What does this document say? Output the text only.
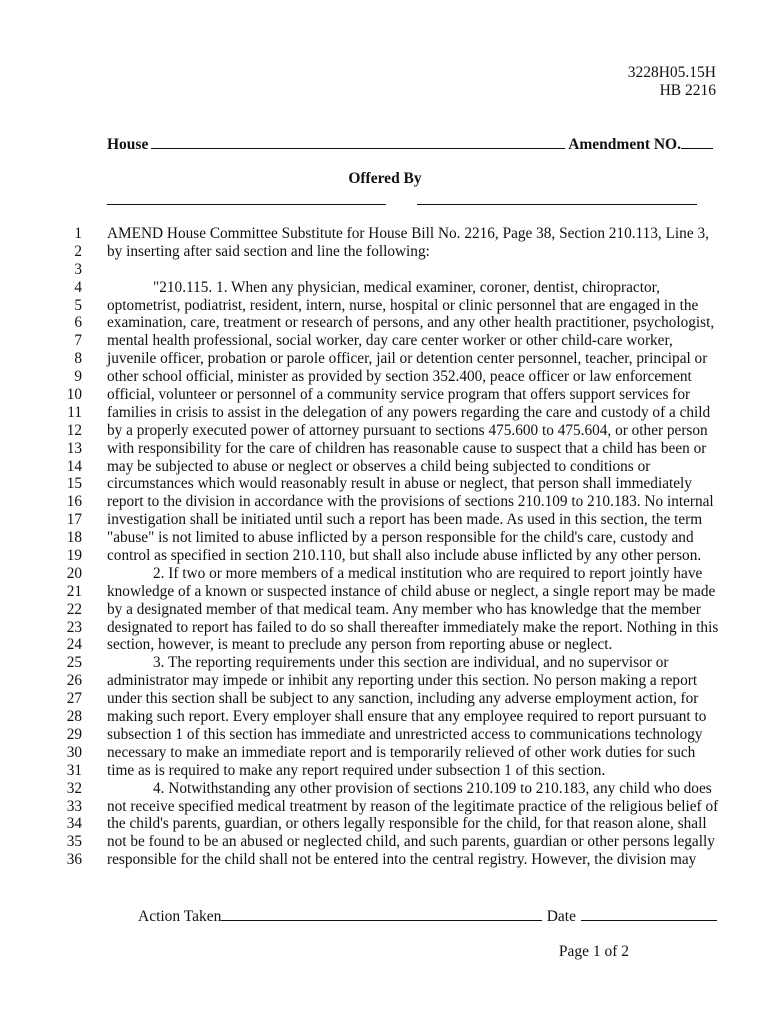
3228H05.15H
HB 2216
House	Amendment NO.
Offered By
1 AMEND House Committee Substitute for House Bill No. 2216, Page 38, Section 210.113, Line 3,
2 by inserting after said section and line the following:
3
4	"210.115. 1. When any physician, medical examiner, coroner, dentist, chiropractor,
5 optometrist, podiatrist, resident, intern, nurse, hospital or clinic personnel that are engaged in the
6 examination, care, treatment or research of persons, and any other health practitioner, psychologist,
7 mental health professional, social worker, day care center worker or other child-care worker,
8 juvenile officer, probation or parole officer, jail or detention center personnel, teacher, principal or
9 other school official, minister as provided by section 352.400, peace officer or law enforcement
10 official, volunteer or personnel of a community service program that offers support services for
11 families in crisis to assist in the delegation of any powers regarding the care and custody of a child
12 by a properly executed power of attorney pursuant to sections 475.600 to 475.604, or other person
13 with responsibility for the care of children has reasonable cause to suspect that a child has been or
14 may be subjected to abuse or neglect or observes a child being subjected to conditions or
15 circumstances which would reasonably result in abuse or neglect, that person shall immediately
16 report to the division in accordance with the provisions of sections 210.109 to 210.183. No internal
17 investigation shall be initiated until such a report has been made. As used in this section, the term
18 "abuse" is not limited to abuse inflicted by a person responsible for the child's care, custody and
19 control as specified in section 210.110, but shall also include abuse inflicted by any other person.
20	2. If two or more members of a medical institution who are required to report jointly have
21 knowledge of a known or suspected instance of child abuse or neglect, a single report may be made
22 by a designated member of that medical team. Any member who has knowledge that the member
23 designated to report has failed to do so shall thereafter immediately make the report. Nothing in this
24 section, however, is meant to preclude any person from reporting abuse or neglect.
25	3. The reporting requirements under this section are individual, and no supervisor or
26 administrator may impede or inhibit any reporting under this section. No person making a report
27 under this section shall be subject to any sanction, including any adverse employment action, for
28 making such report. Every employer shall ensure that any employee required to report pursuant to
29 subsection 1 of this section has immediate and unrestricted access to communications technology
30 necessary to make an immediate report and is temporarily relieved of other work duties for such
31 time as is required to make any report required under subsection 1 of this section.
32	4. Notwithstanding any other provision of sections 210.109 to 210.183, any child who does
33 not receive specified medical treatment by reason of the legitimate practice of the religious belief of
34 the child's parents, guardian, or others legally responsible for the child, for that reason alone, shall
35 not be found to be an abused or neglected child, and such parents, guardian or other persons legally
36 responsible for the child shall not be entered into the central registry. However, the division may
Action Taken	Date
Page 1 of 2
